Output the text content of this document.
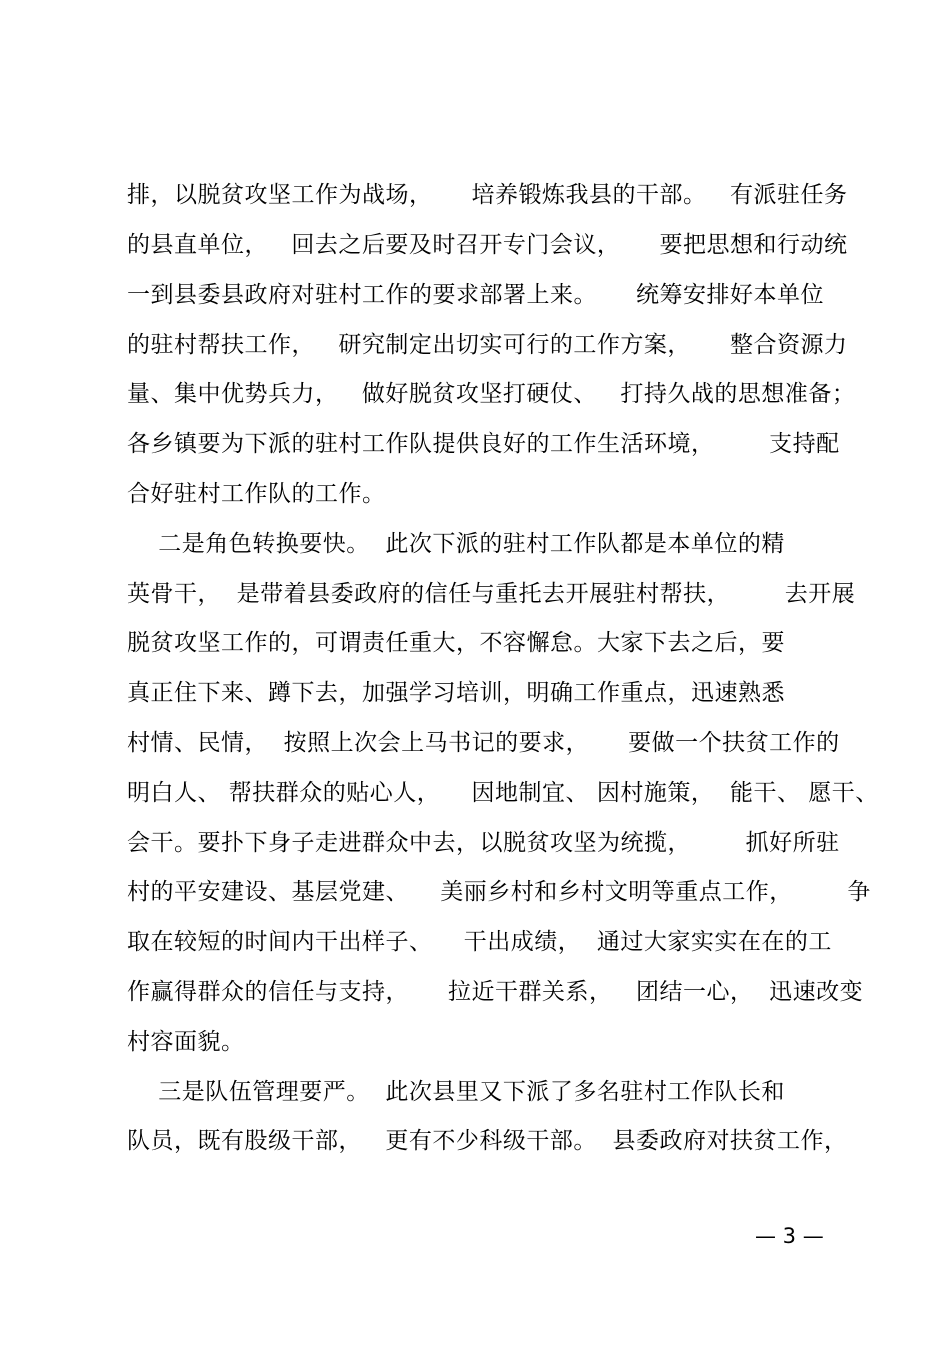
排，以脱贫攻坚工作为战场，     培养锻炼我县的干部。   有派驻任务
的县直单位，   回去之后要及时召开专门会议，     要把思想和行动统
一到县委县政府对驻村工作的要求部署上来。     统筹安排好本单位
的驻村帮扶工作，   研究制定出切实可行的工作方案，     整合资源力
量、集中优势兵力，   做好脱贫攻坚打硬仗、   打持久战的思想准备；
各乡镇要为下派的驻村工作队提供良好的工作生活环境，       支持配
合好驻村工作队的工作。
二是角色转换要快。  此次下派的驻村工作队都是本单位的精
英骨干，  是带着县委政府的信任与重托去开展驻村帮扶，       去开展
脱贫攻坚工作的，可谓责任重大，不容懈怠。大家下去之后，要
真正住下来、蹲下去，加强学习培训，明确工作重点，迅速熟悉
村情、民情，  按照上次会上马书记的要求，     要做一个扶贫工作的
明白人、 帮扶群众的贴心人，    因地制宜、 因村施策，  能干、 愿干、
会干。要扑下身子走进群众中去，以脱贫攻坚为统揽，       抓好所驻
村的平安建设、基层党建、    美丽乡村和乡村文明等重点工作，       争
取在较短的时间内干出样子、    干出成绩，  通过大家实实在在的工
作赢得群众的信任与支持，     拉近干群关系，   团结一心，  迅速改变
村容面貌。
三是队伍管理要严。  此次县里又下派了多名驻村工作队长和
队员，既有股级干部，   更有不少科级干部。  县委政府对扶贫工作，
— 3 —
